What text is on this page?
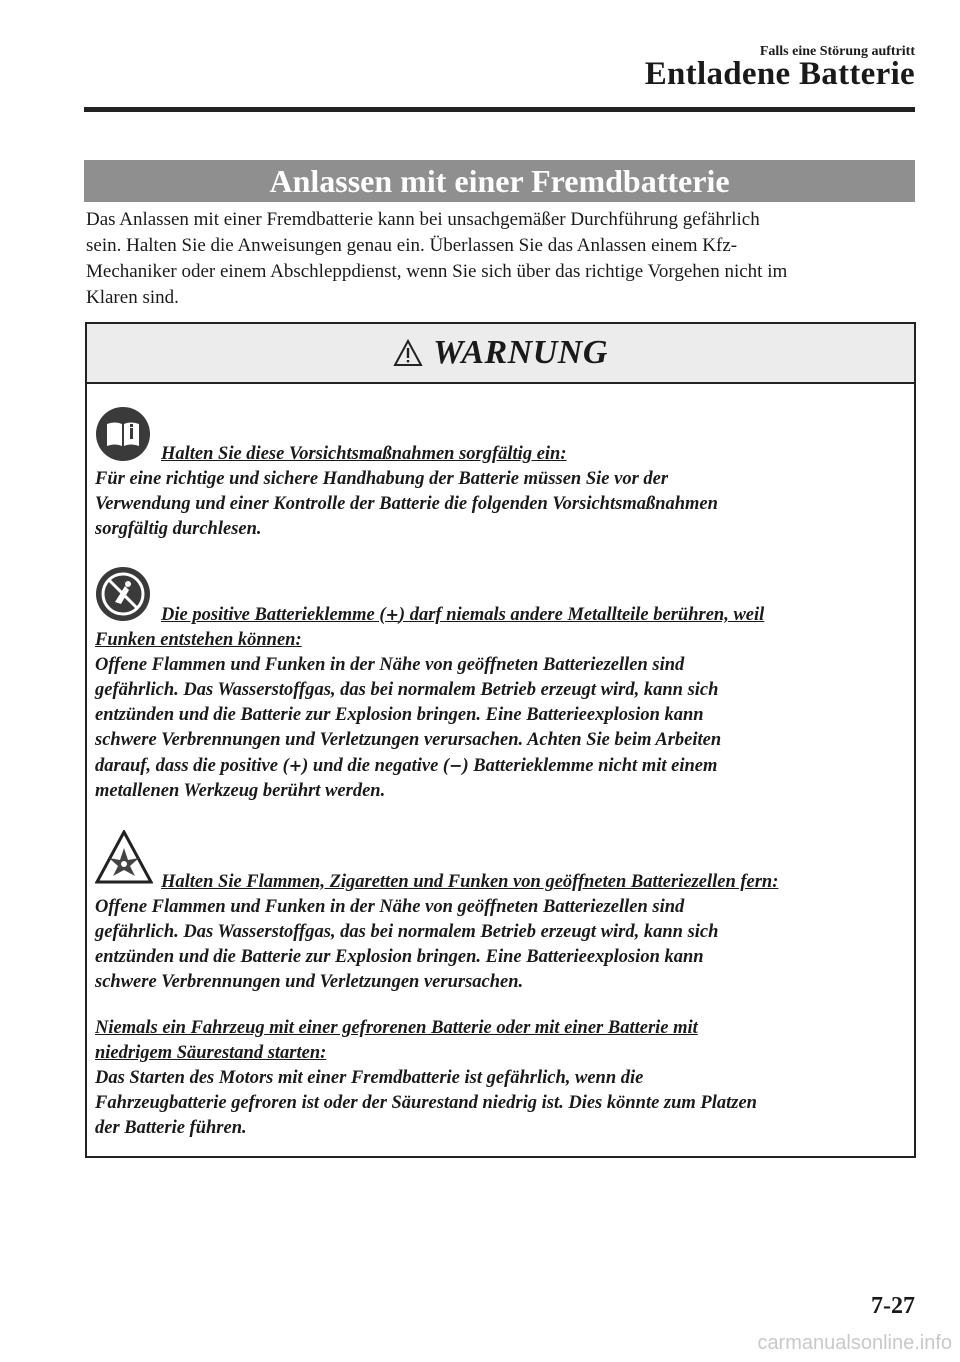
Falls eine Störung auftritt
Entladene Batterie
Anlassen mit einer Fremdbatterie
Das Anlassen mit einer Fremdbatterie kann bei unsachgemäßer Durchführung gefährlich
sein. Halten Sie die Anweisungen genau ein. Überlassen Sie das Anlassen einem Kfz-
Mechaniker oder einem Abschleppdienst, wenn Sie sich über das richtige Vorgehen nicht im
Klaren sind.
WARNUNG
Halten Sie diese Vorsichtsmaßnahmen sorgfältig ein:
Für eine richtige und sichere Handhabung der Batterie müssen Sie vor der
Verwendung und einer Kontrolle der Batterie die folgenden Vorsichtsmaßnahmen
sorgfältig durchlesen.
Die positive Batterieklemme (+) darf niemals andere Metallteile berühren, weil
Funken entstehen können:
Offene Flammen und Funken in der Nähe von geöffneten Batteriezellen sind
gefährlich. Das Wasserstoffgas, das bei normalem Betrieb erzeugt wird, kann sich
entzünden und die Batterie zur Explosion bringen. Eine Batterieexplosion kann
schwere Verbrennungen und Verletzungen verursachen. Achten Sie beim Arbeiten
darauf, dass die positive (+) und die negative (−) Batterieklemme nicht mit einem
metallenen Werkzeug berührt werden.
Halten Sie Flammen, Zigaretten und Funken von geöffneten Batteriezellen fern:
Offene Flammen und Funken in der Nähe von geöffneten Batteriezellen sind
gefährlich. Das Wasserstoffgas, das bei normalem Betrieb erzeugt wird, kann sich
entzünden und die Batterie zur Explosion bringen. Eine Batterieexplosion kann
schwere Verbrennungen und Verletzungen verursachen.
Niemals ein Fahrzeug mit einer gefrorenen Batterie oder mit einer Batterie mit
niedrigem Säurestand starten:
Das Starten des Motors mit einer Fremdbatterie ist gefährlich, wenn die
Fahrzeugbatterie gefroren ist oder der Säurestand niedrig ist. Dies könnte zum Platzen
der Batterie führen.
7-27
carmanualsonline.info
